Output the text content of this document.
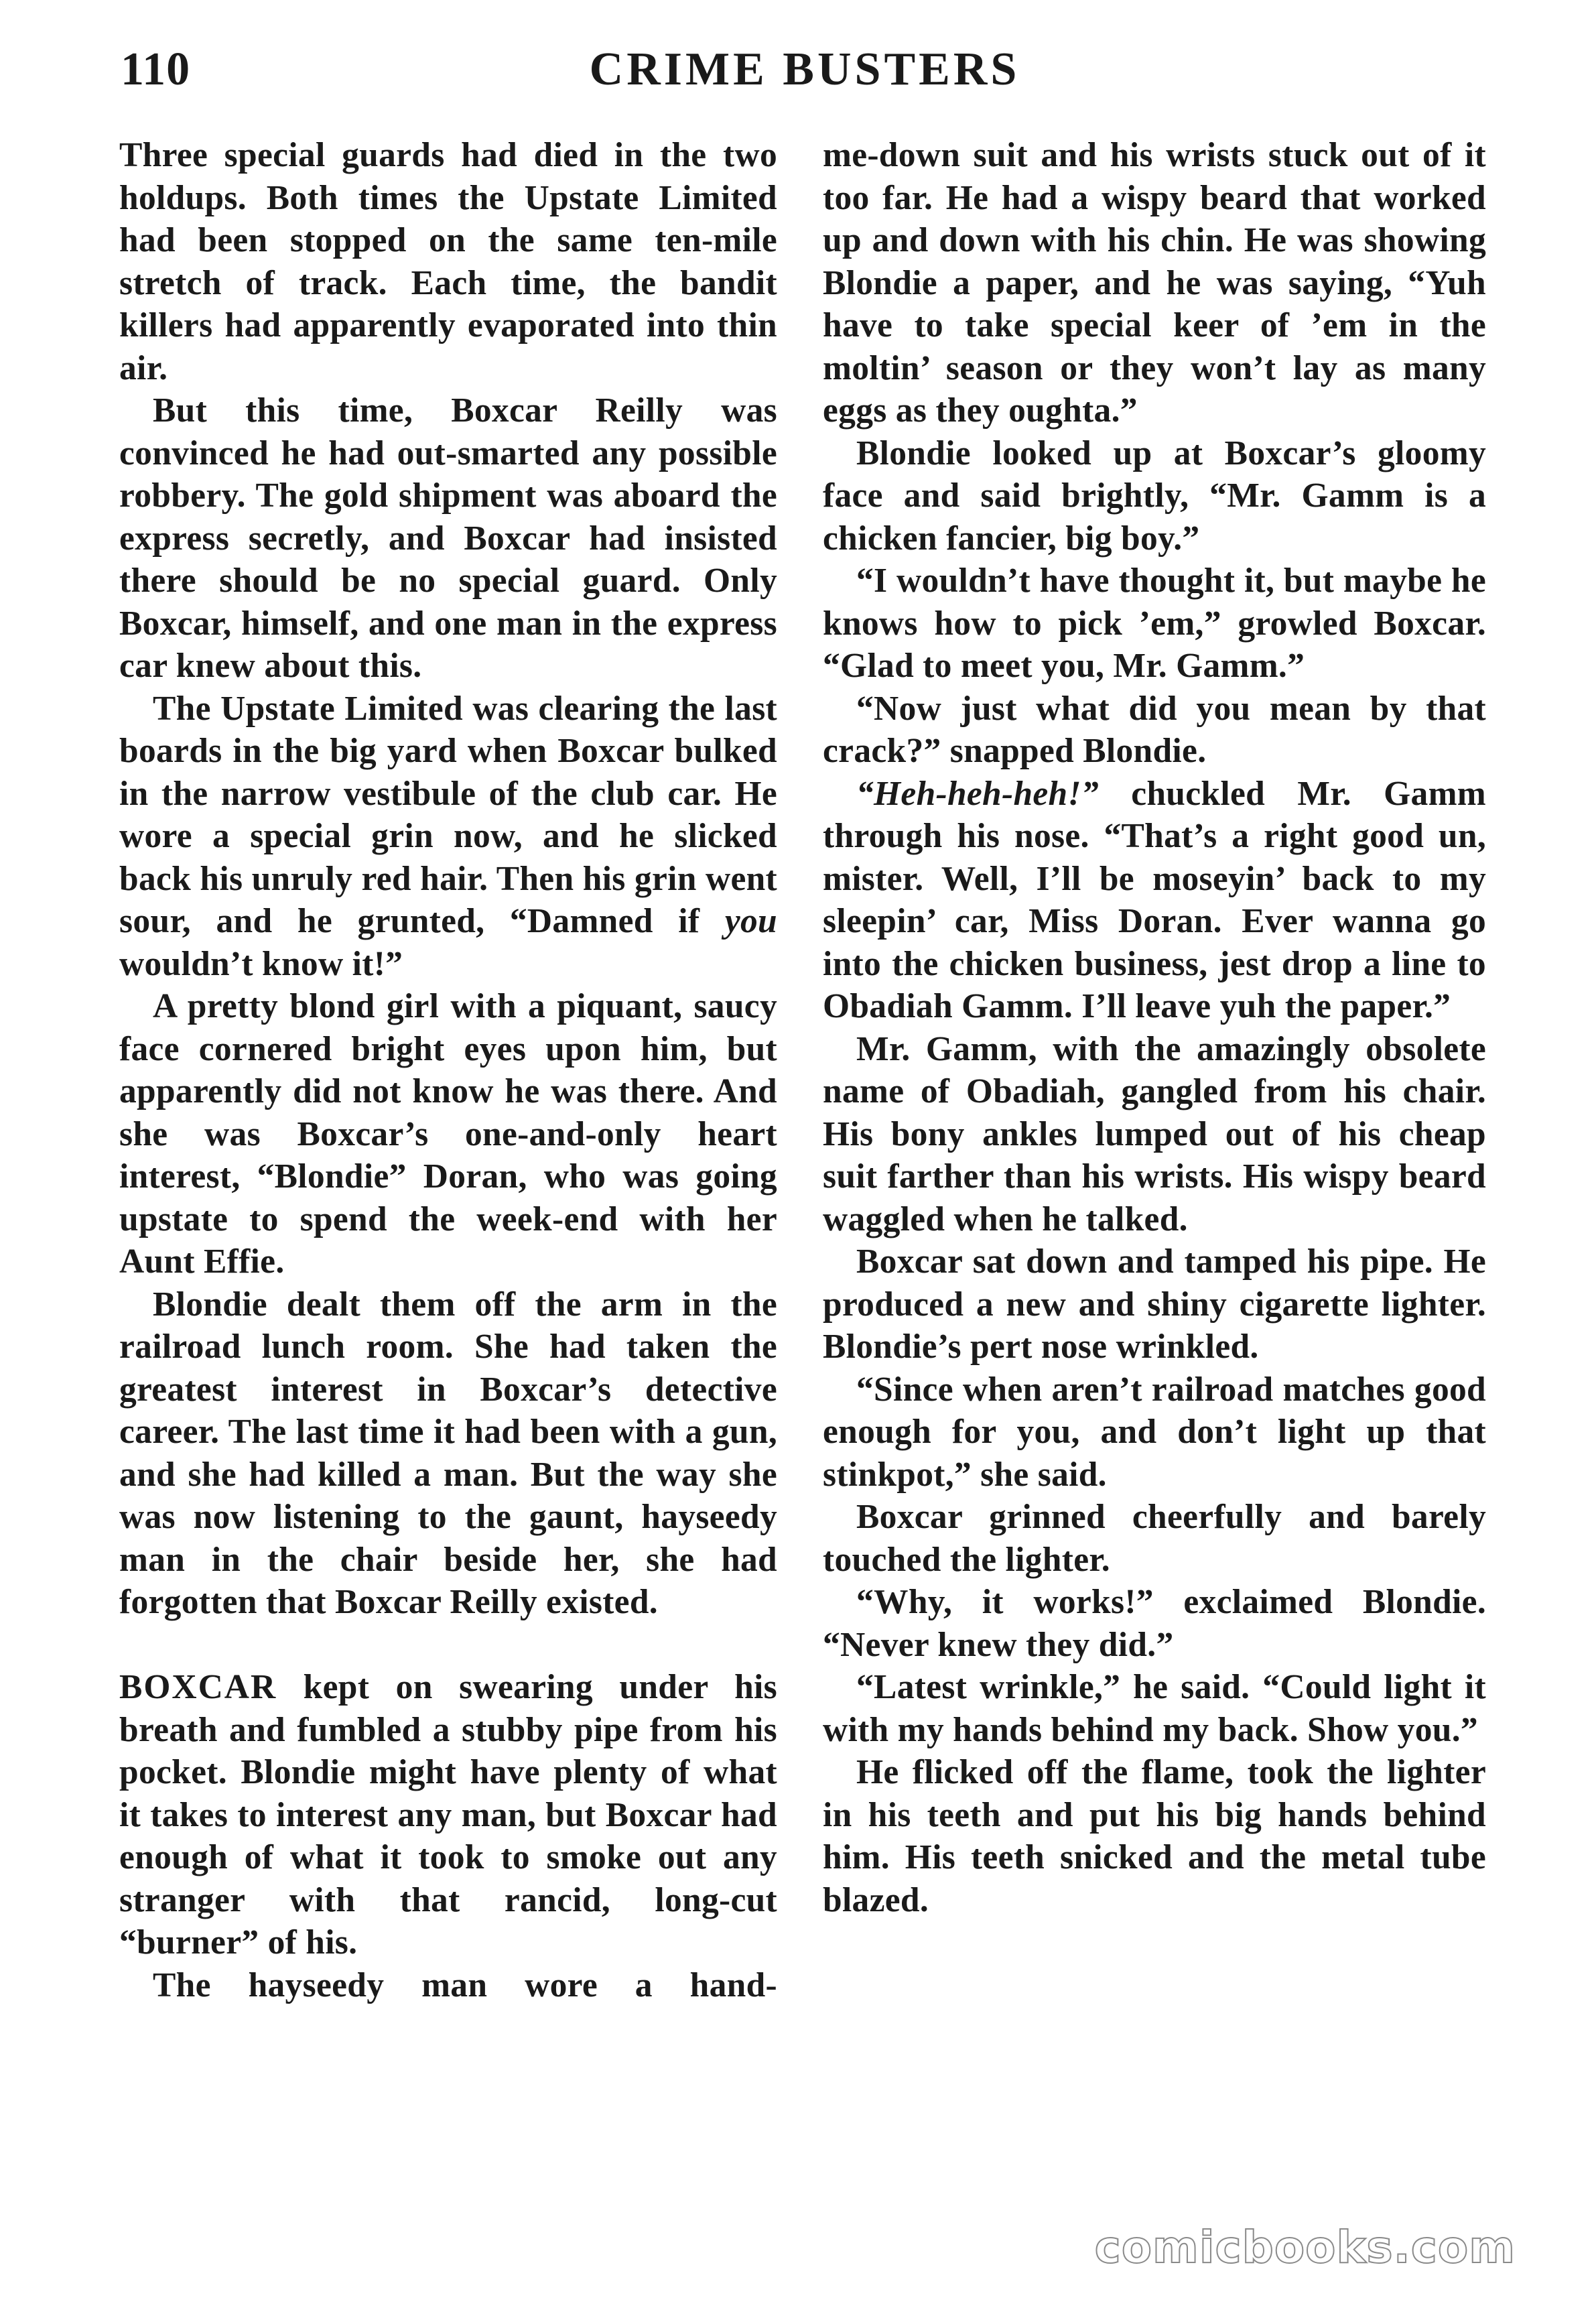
110	CRIME BUSTERS

Three special guards had died in the two holdups. Both times the Upstate Limited had been stopped on the same ten-mile stretch of track. Each time, the bandit killers had apparently evaporated into thin air.

But this time, Boxcar Reilly was convinced he had out-smarted any possible robbery. The gold shipment was aboard the express secretly, and Boxcar had insisted there should be no special guard. Only Boxcar, himself, and one man in the express car knew about this.

The Upstate Limited was clearing the last boards in the big yard when Boxcar bulked in the narrow vestibule of the club car. He wore a special grin now, and he slicked back his unruly red hair. Then his grin went sour, and he grunted, “Damned if you wouldn’t know it!”

A pretty blond girl with a piquant, saucy face cornered bright eyes upon him, but apparently did not know he was there. And she was Boxcar’s one-and-only heart interest, “Blondie” Doran, who was going upstate to spend the week-end with her Aunt Effie.

Blondie dealt them off the arm in the railroad lunch room. She had taken the greatest interest in Boxcar’s detective career. The last time it had been with a gun, and she had killed a man. But the way she was now listening to the gaunt, hayseedy man in the chair beside her, she had forgotten that Boxcar Reilly existed.

BOXCAR kept on swearing under his breath and fumbled a stubby pipe from his pocket. Blondie might have plenty of what it takes to interest any man, but Boxcar had enough of what it took to smoke out any stranger with that rancid, long-cut “burner” of his.

The hayseedy man wore a hand-

me-down suit and his wrists stuck out of it too far. He had a wispy beard that worked up and down with his chin. He was showing Blondie a paper, and he was saying, “Yuh have to take special keer of ’em in the moltin’ season or they won’t lay as many eggs as they oughta.”

Blondie looked up at Boxcar’s gloomy face and said brightly, “Mr. Gamm is a chicken fancier, big boy.”

“I wouldn’t have thought it, but maybe he knows how to pick ’em,” growled Boxcar. “Glad to meet you, Mr. Gamm.”

“Now just what did you mean by that crack?” snapped Blondie.

“Heh-heh-heh!” chuckled Mr. Gamm through his nose. “That’s a right good un, mister. Well, I’ll be moseyin’ back to my sleepin’ car, Miss Doran. Ever wanna go into the chicken business, jest drop a line to Obadiah Gamm. I’ll leave yuh the paper.”

Mr. Gamm, with the amazingly obsolete name of Obadiah, gangled from his chair. His bony ankles lumped out of his cheap suit farther than his wrists. His wispy beard waggled when he talked.

Boxcar sat down and tamped his pipe. He produced a new and shiny cigarette lighter. Blondie’s pert nose wrinkled.

“Since when aren’t railroad matches good enough for you, and don’t light up that stinkpot,” she said.

Boxcar grinned cheerfully and barely touched the lighter.

“Why, it works!” exclaimed Blondie. “Never knew they did.”

“Latest wrinkle,” he said. “Could light it with my hands behind my back. Show you.”

He flicked off the flame, took the lighter in his teeth and put his big hands behind him. His teeth snicked and the metal tube blazed.

comicbooks.com
